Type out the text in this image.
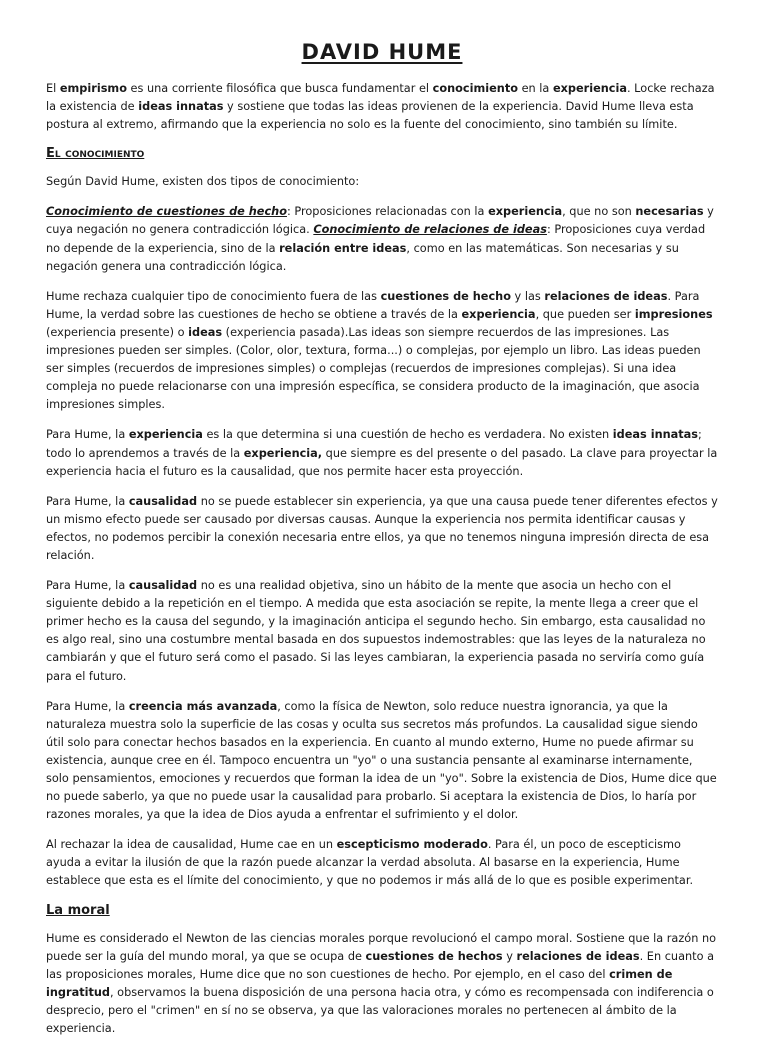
DAVID HUME

El empirismo es una corriente filosófica que busca fundamentar el conocimiento en la experiencia. Locke rechaza la existencia de ideas innatas y sostiene que todas las ideas provienen de la experiencia. David Hume lleva esta postura al extremo, afirmando que la experiencia no solo es la fuente del conocimiento, sino también su límite.

El conocimiento

Según David Hume, existen dos tipos de conocimiento:

Conocimiento de cuestiones de hecho: Proposiciones relacionadas con la experiencia, que no son necesarias y cuya negación no genera contradicción lógica. Conocimiento de relaciones de ideas: Proposiciones cuya verdad no depende de la experiencia, sino de la relación entre ideas, como en las matemáticas. Son necesarias y su negación genera una contradicción lógica.

Hume rechaza cualquier tipo de conocimiento fuera de las cuestiones de hecho y las relaciones de ideas. Para Hume, la verdad sobre las cuestiones de hecho se obtiene a través de la experiencia, que pueden ser impresiones (experiencia presente) o ideas (experiencia pasada).Las ideas son siempre recuerdos de las impresiones. Las impresiones pueden ser simples. (Color, olor, textura, forma...) o complejas, por ejemplo un libro. Las ideas pueden ser simples (recuerdos de impresiones simples) o complejas (recuerdos de impresiones complejas). Si una idea compleja no puede relacionarse con una impresión específica, se considera producto de la imaginación, que asocia impresiones simples.

Para Hume, la experiencia es la que determina si una cuestión de hecho es verdadera. No existen ideas innatas; todo lo aprendemos a través de la experiencia, que siempre es del presente o del pasado. La clave para proyectar la experiencia hacia el futuro es la causalidad, que nos permite hacer esta proyección.

Para Hume, la causalidad no se puede establecer sin experiencia, ya que una causa puede tener diferentes efectos y un mismo efecto puede ser causado por diversas causas. Aunque la experiencia nos permita identificar causas y efectos, no podemos percibir la conexión necesaria entre ellos, ya que no tenemos ninguna impresión directa de esa relación.

Para Hume, la causalidad no es una realidad objetiva, sino un hábito de la mente que asocia un hecho con el siguiente debido a la repetición en el tiempo. A medida que esta asociación se repite, la mente llega a creer que el primer hecho es la causa del segundo, y la imaginación anticipa el segundo hecho. Sin embargo, esta causalidad no es algo real, sino una costumbre mental basada en dos supuestos indemostrables: que las leyes de la naturaleza no cambiarán y que el futuro será como el pasado. Si las leyes cambiaran, la experiencia pasada no serviría como guía para el futuro.

Para Hume, la creencia más avanzada, como la física de Newton, solo reduce nuestra ignorancia, ya que la naturaleza muestra solo la superficie de las cosas y oculta sus secretos más profundos. La causalidad sigue siendo útil solo para conectar hechos basados en la experiencia. En cuanto al mundo externo, Hume no puede afirmar su existencia, aunque cree en él. Tampoco encuentra un "yo" o una sustancia pensante al examinarse internamente, solo pensamientos, emociones y recuerdos que forman la idea de un "yo". Sobre la existencia de Dios, Hume dice que no puede saberlo, ya que no puede usar la causalidad para probarlo. Si aceptara la existencia de Dios, lo haría por razones morales, ya que la idea de Dios ayuda a enfrentar el sufrimiento y el dolor.

Al rechazar la idea de causalidad, Hume cae en un escepticismo moderado. Para él, un poco de escepticismo ayuda a evitar la ilusión de que la razón puede alcanzar la verdad absoluta. Al basarse en la experiencia, Hume establece que esta es el límite del conocimiento, y que no podemos ir más allá de lo que es posible experimentar.

La moral

Hume es considerado el Newton de las ciencias morales porque revolucionó el campo moral. Sostiene que la razón no puede ser la guía del mundo moral, ya que se ocupa de cuestiones de hechos y relaciones de ideas. En cuanto a las proposiciones morales, Hume dice que no son cuestiones de hecho. Por ejemplo, en el caso del crimen de ingratitud, observamos la buena disposición de una persona hacia otra, y cómo es recompensada con indiferencia o desprecio, pero el "crimen" en sí no se observa, ya que las valoraciones morales no pertenecen al ámbito de la experiencia.
